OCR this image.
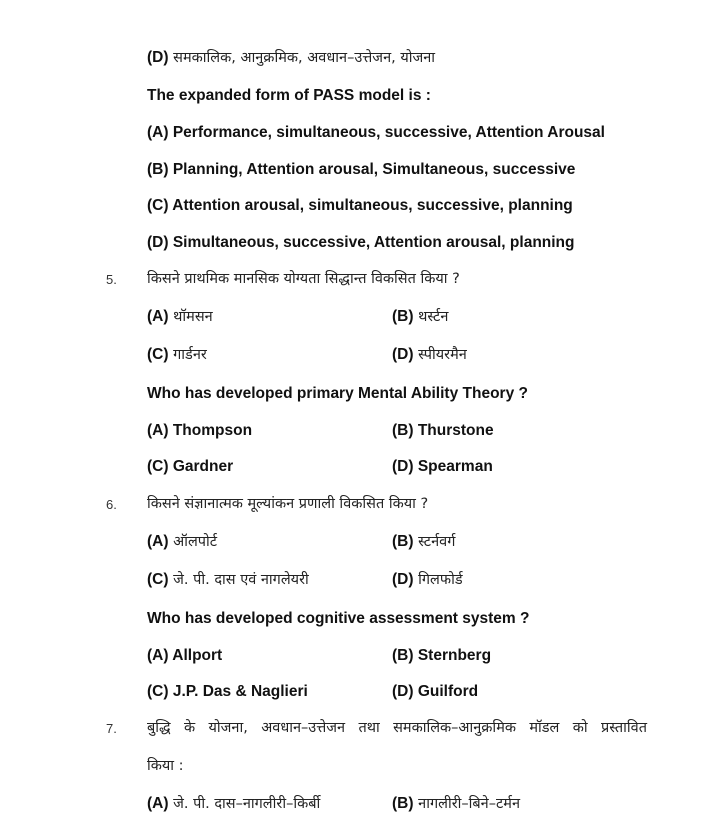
(D) समकालिक, आनुक्रमिक, अवधान–उत्तेजन, योजना
The expanded form of PASS model is :
(A) Performance, simultaneous, successive, Attention Arousal
(B) Planning, Attention arousal, Simultaneous, successive
(C) Attention arousal, simultaneous, successive, planning
(D) Simultaneous, successive, Attention arousal, planning
5. किसने प्राथमिक मानसिक योग्यता सिद्धान्त विकसित किया ?
(A) थॉमसन	(B) थर्स्टन
(C) गार्डनर	(D) स्पीयरमैन
Who has developed primary Mental Ability Theory ?
(A) Thompson	(B) Thurstone
(C) Gardner	(D) Spearman
6. किसने संज्ञानात्मक मूल्यांकन प्रणाली विकसित किया ?
(A) ऑलपोर्ट	(B) स्टर्नवर्ग
(C) जे. पी. दास एवं नागलेयरी	(D) गिलफोर्ड
Who has developed cognitive assessment system ?
(A) Allport	(B) Sternberg
(C) J.P. Das & Naglieri	(D) Guilford
7. बुद्धि के योजना, अवधान–उत्तेजन तथा समकालिक–आनुक्रमिक मॉडल को प्रस्तावित
किया :
(A) जे. पी. दास–नागलीरी–किर्बी	(B) नागलीरी–बिने–टर्मन
